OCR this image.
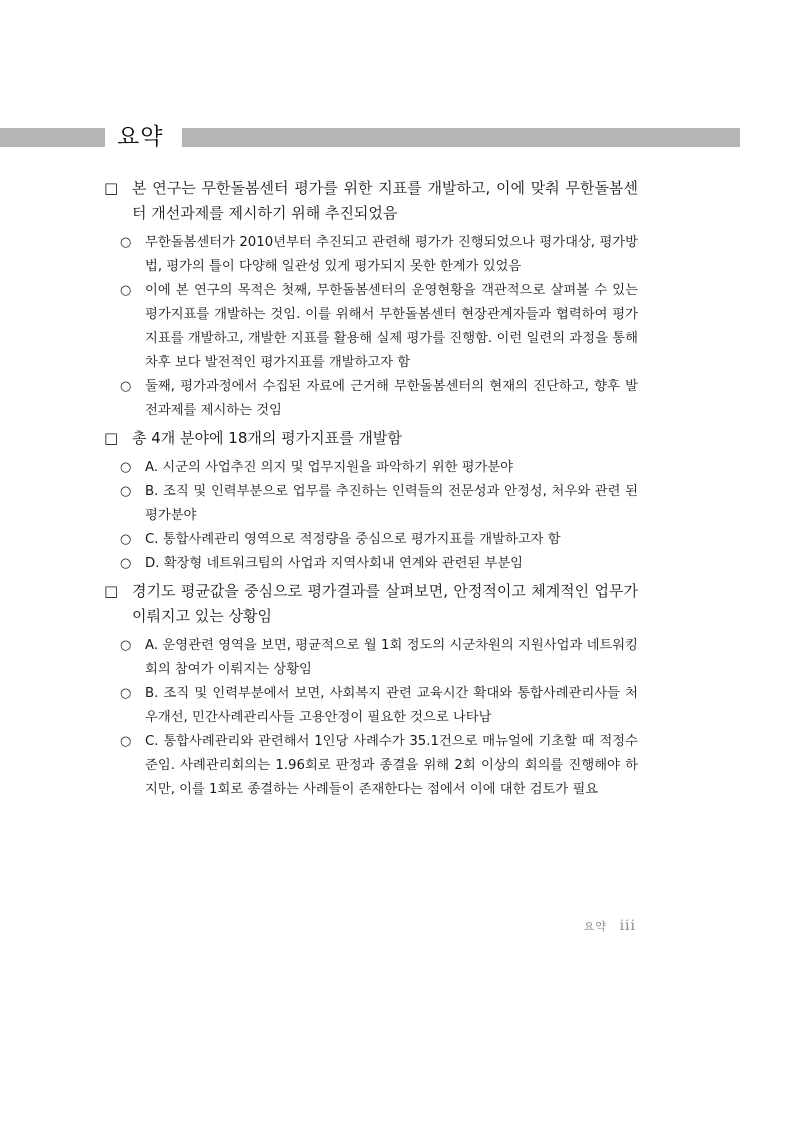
요약
□ 본 연구는 무한돌봄센터 평가를 위한 지표를 개발하고, 이에 맞춰 무한돌봄센터 개선과제를 제시하기 위해 추진되었음
○ 무한돌봄센터가 2010년부터 추진되고 관련해 평가가 진행되었으나 평가대상, 평가방법, 평가의 틀이 다양해 일관성 있게 평가되지 못한 한계가 있었음
○ 이에 본 연구의 목적은 첫째, 무한돌봄센터의 운영현황을 객관적으로 살펴볼 수 있는 평가지표를 개발하는 것임. 이를 위해서 무한돌봄센터 현장관계자들과 협력하여 평가지표를 개발하고, 개발한 지표를 활용해 실제 평가를 진행함. 이런 일련의 과정을 통해 차후 보다 발전적인 평가지표를 개발하고자 함
○ 둘째, 평가과정에서 수집된 자료에 근거해 무한돌봄센터의 현재의 진단하고, 향후 발전과제를 제시하는 것임
□ 총 4개 분야에 18개의 평가지표를 개발함
○ A. 시군의 사업추진 의지 및 업무지원을 파악하기 위한 평가분야
○ B. 조직 및 인력부분으로 업무를 추진하는 인력들의 전문성과 안정성, 처우와 관련 된 평가분야
○ C. 통합사례관리 영역으로 적정량을 중심으로 평가지표를 개발하고자 함
○ D. 확장형 네트워크팀의 사업과 지역사회내 연계와 관련된 부분임
□ 경기도 평균값을 중심으로 평가결과를 살펴보면, 안정적이고 체계적인 업무가 이뤄지고 있는 상황임
○ A. 운영관련 영역을 보면, 평균적으로 월 1회 정도의 시군차원의 지원사업과 네트워킹 회의 참여가 이뤄지는 상황임
○ B. 조직 및 인력부분에서 보면, 사회복지 관련 교육시간 확대와 통합사례관리사들 처우개선, 민간사례관리사들 고용안정이 필요한 것으로 나타남
○ C. 통합사례관리와 관련해서 1인당 사례수가 35.1건으로 매뉴얼에 기초할 때 적정수준임. 사례관리회의는 1.96회로 판정과 종결을 위해 2회 이상의 회의를 진행해야 하지만, 이를 1회로 종결하는 사례들이 존재한다는 점에서 이에 대한 검토가 필요
요약 iii
